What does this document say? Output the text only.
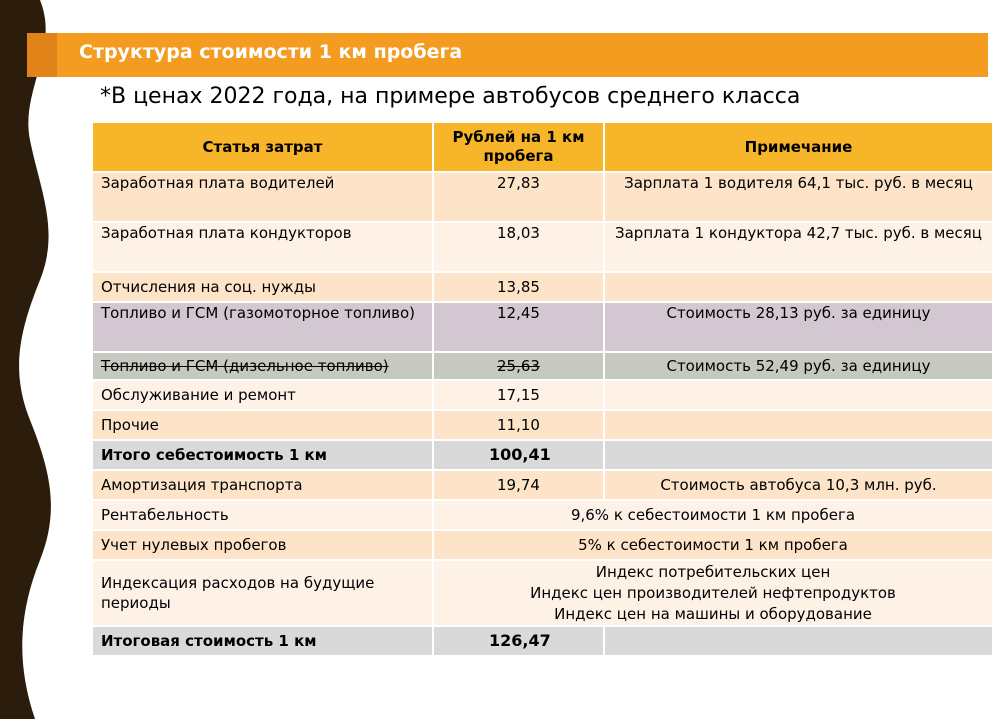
Структура стоимости 1 км пробега
*В ценах 2022 года, на примере автобусов среднего класса
Статья затрат	Рублей на 1 км пробега	Примечание
Заработная плата водителей	27,83	Зарплата 1 водителя 64,1 тыс. руб. в месяц
Заработная плата кондукторов	18,03	Зарплата 1 кондуктора 42,7 тыс. руб. в месяц
Отчисления на соц. нужды	13,85	
Топливо и ГСМ (газомоторное топливо)	12,45	Стоимость 28,13 руб. за единицу
Топливо и ГСМ (дизельное топливо)	25,63	Стоимость 52,49 руб. за единицу
Обслуживание и ремонт	17,15	
Прочие	11,10	
Итого себестоимость 1 км	100,41	
Амортизация транспорта	19,74	Стоимость автобуса 10,3 млн. руб.
Рентабельность	9,6% к себестоимости 1 км пробега	
Учет нулевых пробегов	5% к себестоимости 1 км пробега	
Индексация расходов на будущие периоды	Индекс потребительских цен
Индекс цен производителей нефтепродуктов
Индекс цен на машины и оборудование	

Итоговая стоимость 1 км	126,47	
